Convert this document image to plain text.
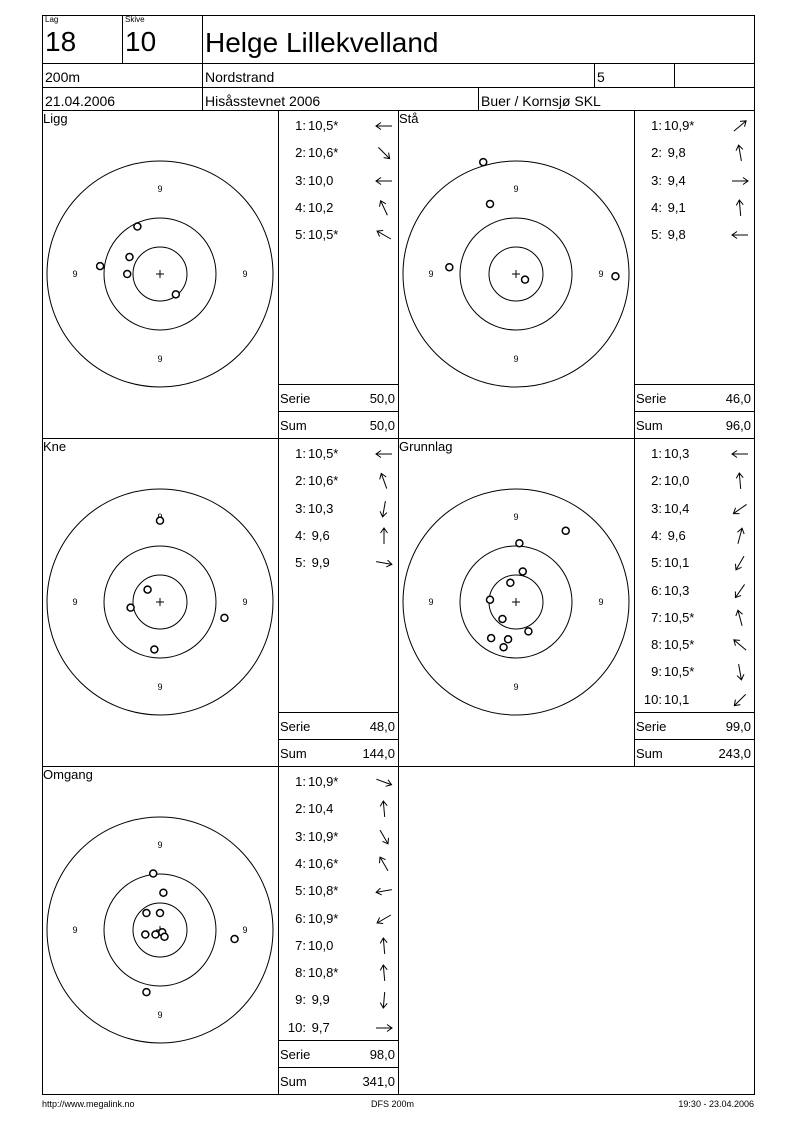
Lag
18
Skive
10 Helge Lillekvelland
200m	Nordstrand	5
21.04.2006	Hisåsstevnet 2006	Buer / Kornsjø SKL
Ligg
9
9
9	9
1: 10,5*
2: 10,6*
3: 10,0
4: 10,2
5: 10,5*
Serie	50,0
Sum	50,0
Stå
9
9
9	9
1: 10,9*
2: 9,8
3: 9,4
4: 9,1
5: 9,8
Serie	46,0
Sum	96,0
Kne
9
9	9
1: 10,5*
2: 10,6*
3: 10,3
4: 9,6
5: 9,9
Serie	48,0
Sum	144,0
Grunnlag
9
9
9	9
1: 10,3
2: 10,0
3: 10,4
4: 9,6
5: 10,1
6: 10,3
7: 10,5*
8: 10,5*
9: 10,5*
10: 10,1
Serie	99,0
Sum	243,0
Omgang
9
9
9	9
1: 10,9*
2: 10,4
3: 10,9*
4: 10,6*
5: 10,8*
6: 10,9*
7: 10,0
8: 10,8*
9: 9,9
10: 9,7
Serie	98,0
Sum	341,0
http://www.megalink.no	DFS 200m	19:30 - 23.04.2006
